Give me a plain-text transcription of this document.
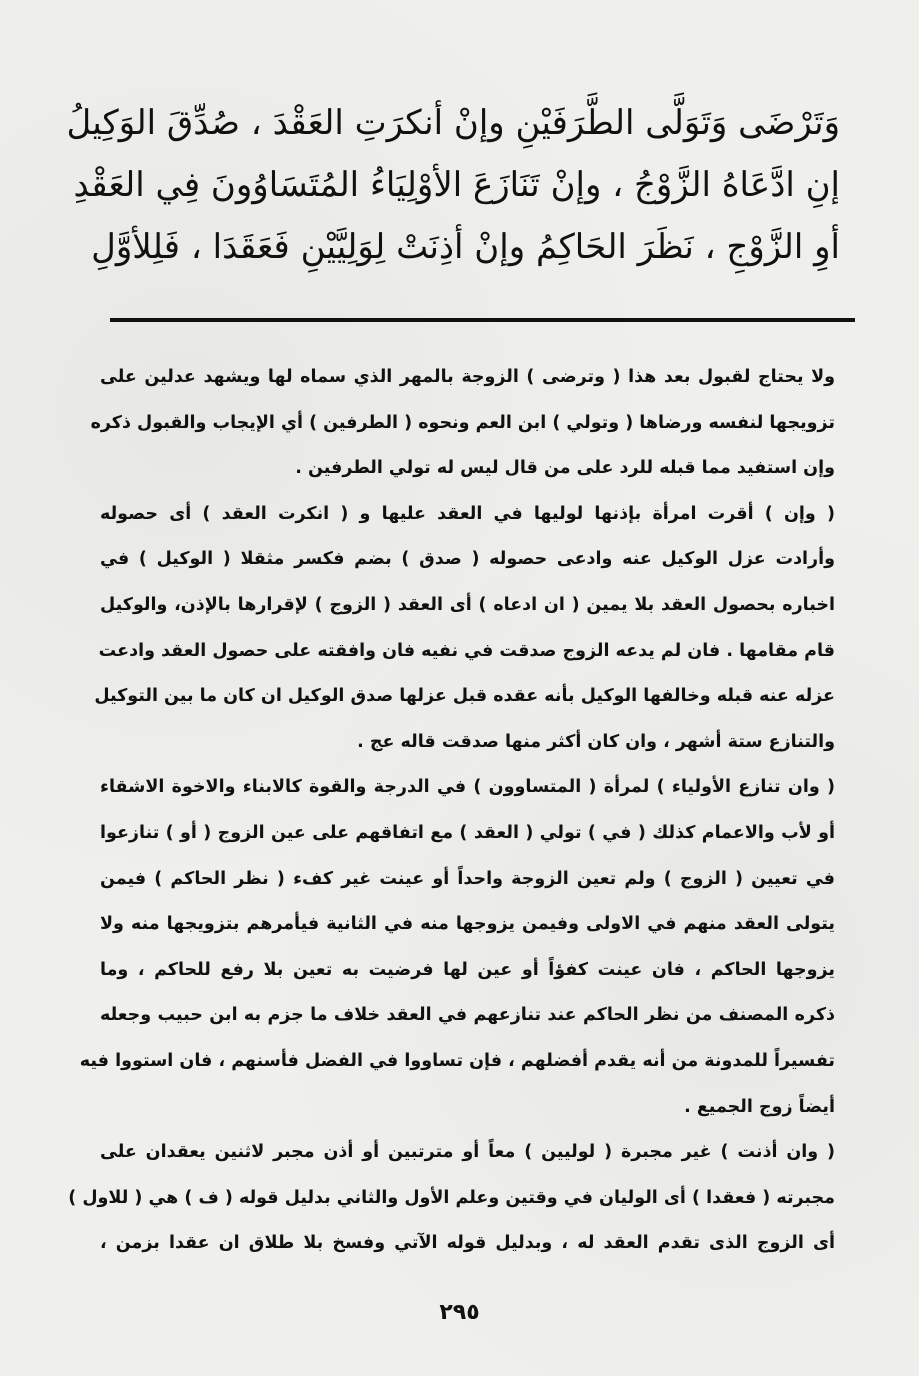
وَتَرْضَى وَتَوَلَّى الطَّرَفَيْنِ وإنْ أنكرَتِ العَقْدَ ، صُدِّقَ الوَكِيلُ
إنِ ادَّعَاهُ الزَّوْجُ ، وإنْ تَنَازَعَ الأوْلِيَاءُ المُتَسَاوُونَ فِي العَقْدِ
أوِ الزَّوْجِ ، نَظَرَ الحَاكِمُ وإنْ أذِنَتْ لِوَلِيَّيْنِ فَعَقَدَا ، فَلِلأوَّلِ
ولا يحتاج لقبول بعد هذا ( وترضى ) الزوجة بالمهر الذي سماه لها ويشهد عدلين على
تزويجها لنفسه ورضاها ( وتولي ) ابن العم ونحوه ( الطرفين ) أي الإيجاب والقبول ذكره
وإن استفيد مما قبله للرد على من قال ليس له تولي الطرفين .
( وإن ) أقرت امرأة بإذنها لوليها في العقد عليها و ( انكرت العقد ) أى حصوله
وأرادت عزل الوكيل عنه وادعى حصوله ( صدق ) بضم فكسر مثقلا ( الوكيل ) في
اخباره بحصول العقد بلا يمين ( ان ادعاه ) أى العقد ( الزوج ) لإقرارها بالإذن، والوكيل
قام مقامها . فان لم يدعه الزوج صدقت في نفيه فان وافقته على حصول العقد وادعت
عزله عنه قبله وخالفها الوكيل بأنه عقده قبل عزلها صدق الوكيل ان كان ما بين التوكيل
والتنازع ستة أشهر ، وان كان أكثر منها صدقت قاله عج .
( وان تنازع الأولياء ) لمرأة ( المتساوون ) في الدرجة والقوة كالابناء والاخوة الاشقاء
أو لأب والاعمام كذلك ( في ) تولي ( العقد ) مع اتفاقهم على عين الزوج ( أو ) تنازعوا
في تعيين ( الزوج ) ولم تعين الزوجة واحداً أو عينت غير كفء ( نظر الحاكم ) فيمن
يتولى العقد منهم في الاولى وفيمن يزوجها منه في الثانية فيأمرهم بتزويجها منه ولا
يزوجها الحاكم ، فان عينت كفؤاً أو عين لها فرضيت به تعين بلا رفع للحاكم ، وما
ذكره المصنف من نظر الحاكم عند تنازعهم في العقد خلاف ما جزم به ابن حبيب وجعله
تفسيراً للمدونة من أنه يقدم أفضلهم ، فإن تساووا في الفضل فأسنهم ، فان استووا فيه
أيضاً زوج الجميع .
( وان أذنت ) غير مجبرة ( لوليين ) معاً أو مترتبين أو أذن مجبر لاثنين يعقدان على
مجبرته ( فعقدا ) أى الوليان في وقتين وعلم الأول والثاني بدليل قوله ( ف ) هي ( للاول )
أى الزوج الذى تقدم العقد له ، وبدليل قوله الآتي وفسخ بلا طلاق ان عقدا بزمن ،
٢٩٥
